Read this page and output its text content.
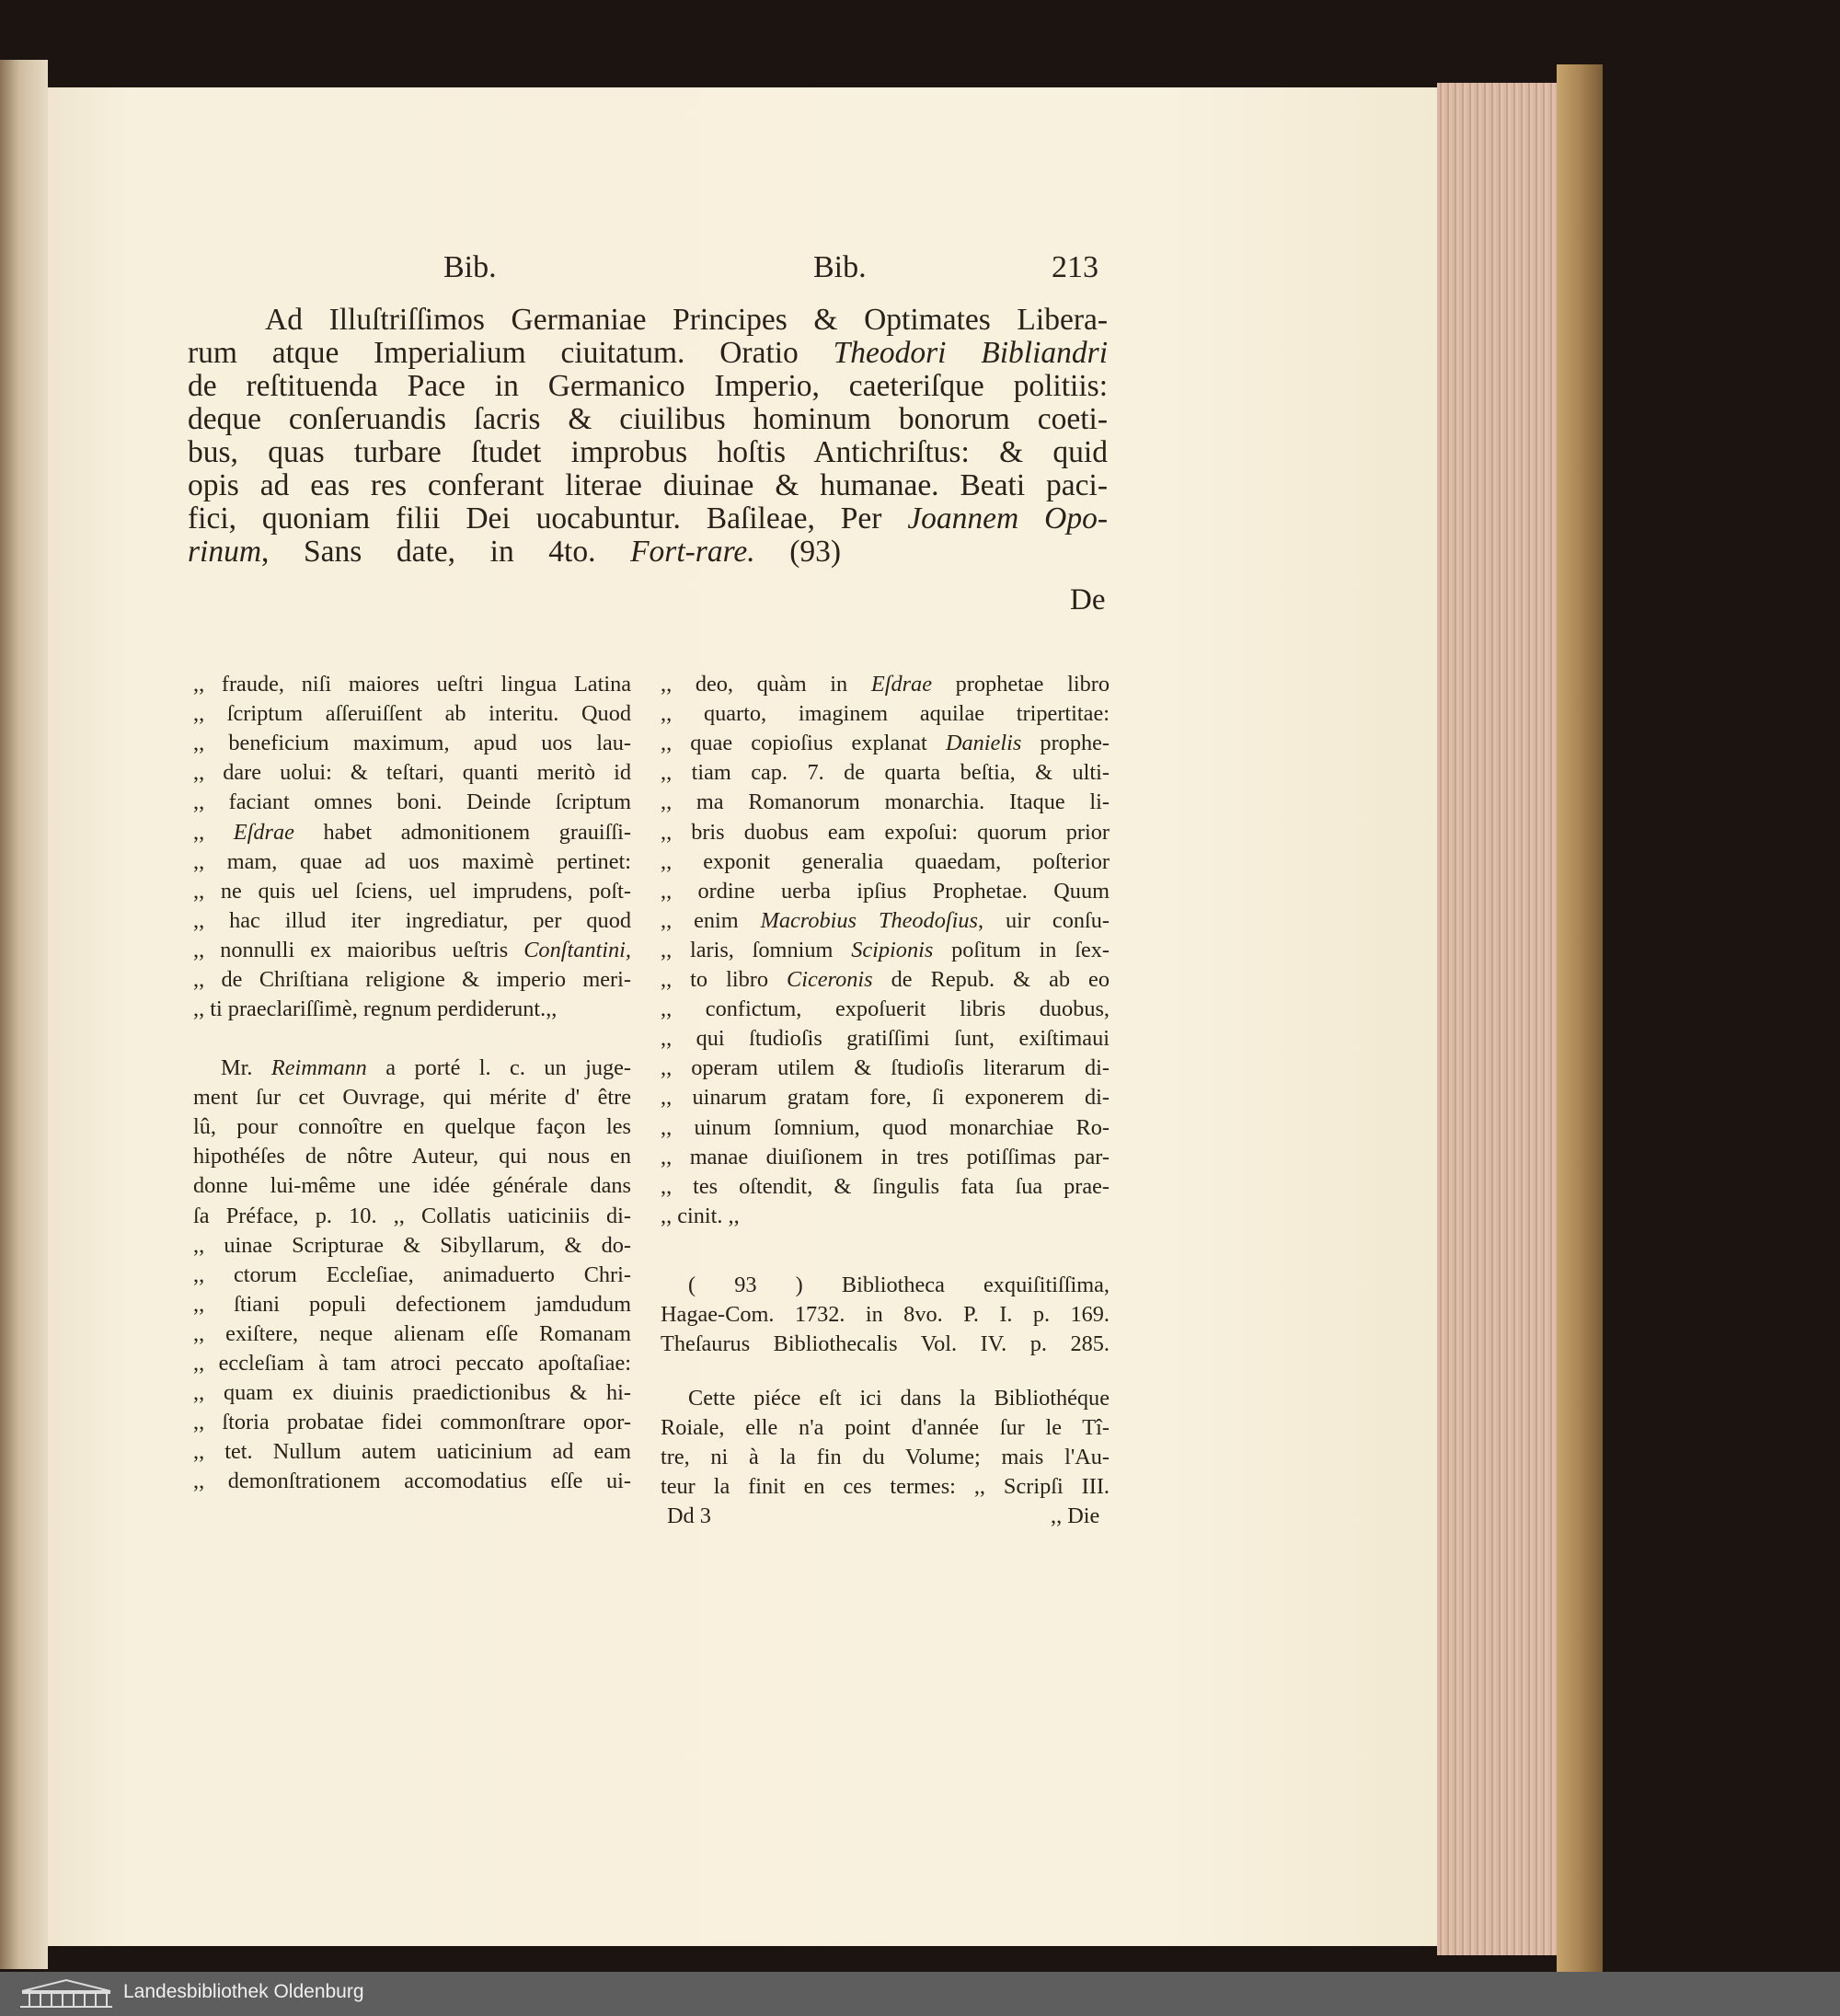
Bib.	Bib.	213
Ad Illuſtriſſimos Germaniae Principes & Optimates Libera-
rum atque Imperialium ciuitatum. Oratio Theodori Bibliandri
de reſtituenda Pace in Germanico Imperio, caeteriſque politiis:
deque conſeruandis ſacris & ciuilibus hominum bonorum coeti-
bus, quas turbare ſtudet improbus hoſtis Antichriſtus: & quid
opis ad eas res conferant literae diuinae & humanae. Beati paci-
fici, quoniam filii Dei uocabuntur. Baſileae, Per Joannem Opo-
rinum, Sans date, in 4to. Fort-rare. (93)
De
,, fraude, niſi maiores ueſtri lingua Latina
,, ſcriptum aſſeruiſſent ab interitu. Quod
,, beneficium maximum, apud uos lau-
,, dare uolui: & teſtari, quanti meritò id
,, faciant omnes boni. Deinde ſcriptum
,, Eſdrae habet admonitionem grauiſſi-
,, mam, quae ad uos maximè pertinet:
,, ne quis uel ſciens, uel imprudens, poſt-
,, hac illud iter ingrediatur, per quod
,, nonnulli ex maioribus ueſtris Conſtantini,
,, de Chriſtiana religione & imperio meri-
,, ti praeclariſſimè, regnum perdiderunt.,,
Mr. Reimmann a porté l. c. un juge-
ment ſur cet Ouvrage, qui mérite d' être
lû, pour connoître en quelque façon les
hipothéſes de nôtre Auteur, qui nous en
donne lui-même une idée générale dans
ſa Préface, p. 10. ,, Collatis uaticiniis di-
,, uinae Scripturae & Sibyllarum, & do-
,, ctorum Eccleſiae, animaduerto Chri-
,, ſtiani populi defectionem jamdudum
,, exiſtere, neque alienam eſſe Romanam
,, eccleſiam à tam atroci peccato apoſtaſiae:
,, quam ex diuinis praedictionibus & hi-
,, ſtoria probatae fidei commonſtrare opor-
,, tet. Nullum autem uaticinium ad eam
,, demonſtrationem accomodatius eſſe ui-
,, deo, quàm in Eſdrae prophetae libro
,, quarto, imaginem aquilae tripertitae:
,, quae copioſius explanat Danielis prophe-
,, tiam cap. 7. de quarta beſtia, & ulti-
,, ma Romanorum monarchia. Itaque li-
,, bris duobus eam expoſui: quorum prior
,, exponit generalia quaedam, poſterior
,, ordine uerba ipſius Prophetae. Quum
,, enim Macrobius Theodoſius, uir conſu-
,, laris, ſomnium Scipionis poſitum in ſex-
,, to libro Ciceronis de Repub. & ab eo
,, confictum, expoſuerit libris duobus,
,, qui ſtudioſis gratiſſimi ſunt, exiſtimaui
,, operam utilem & ſtudioſis literarum di-
,, uinarum gratam fore, ſi exponerem di-
,, uinum ſomnium, quod monarchiae Ro-
,, manae diuiſionem in tres potiſſimas par-
,, tes oſtendit, & ſingulis fata ſua prae-
,, cinit. ,,
( 93 ) Bibliotheca exquiſitiſſima,
Hagae-Com. 1732. in 8vo. P. I. p. 169.
Theſaurus Bibliothecalis Vol. IV. p. 285.
Cette piéce eſt ici dans la Bibliothéque
Roiale, elle n'a point d'année ſur le Tî-
tre, ni à la fin du Volume; mais l'Au-
teur la finit en ces termes: ,, Scripſi III.
Dd 3	,, Die
Landesbibliothek Oldenburg
